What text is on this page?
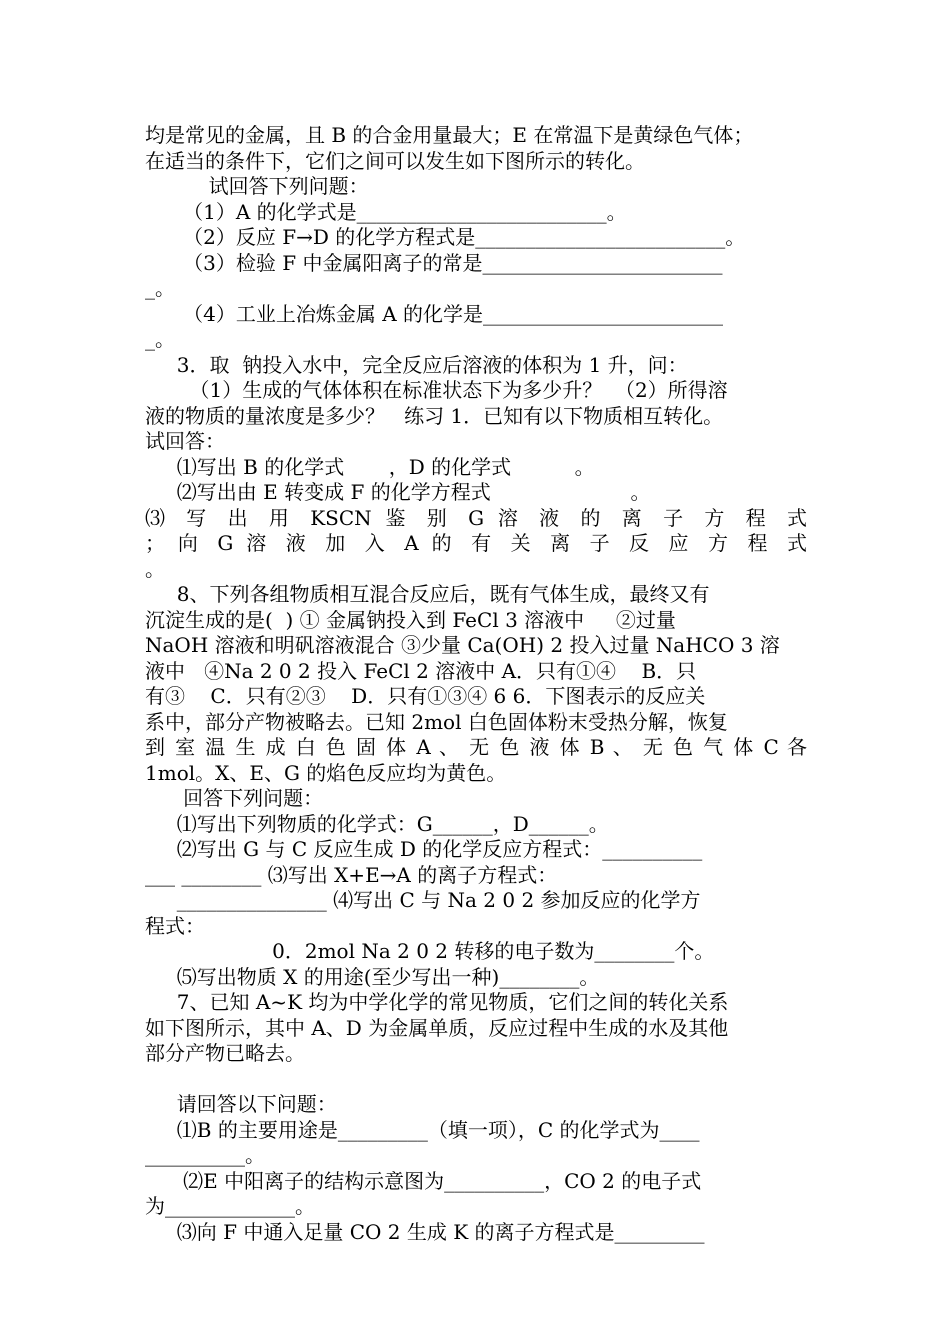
均是常见的金属，且 B 的合金用量最大；E 在常温下是黄绿色气体；

在适当的条件下，它们之间可以发生如下图所示的转化。

试回答下列问题：

（1）A 的化学式是_________________________。

（2）反应 F→D 的化学方程式是_________________________。

（3）检验 F 中金属阳离子的常是________________________

_。

（4）工业上冶炼金属 A 的化学是________________________

_。

3．取  钠投入水中，完全反应后溶液的体积为 1 升，问：

（1）生成的气体体积在标准状态下为多少升？  （2）所得溶

液的物质的量浓度是多少？   练习 1．已知有以下物质相互转化。

试回答：

⑴写出 B 的化学式       ，D 的化学式          。

⑵写出由 E 转变成 F 的化学方程式                      。

⑶ 写 出 用 KSCN 鉴 别 G 溶 液 的 离 子 方 程 式

； 向 G 溶 液 加 入 A 的 有 关 离 子 反 应 方 程 式

。

8、下列各组物质相互混合反应后，既有气体生成，最终又有

沉淀生成的是(  ) ① 金属钠投入到 FeCl 3 溶液中     ②过量

NaOH 溶液和明矾溶液混合 ③少量 Ca(OH) 2 投入过量 NaHCO 3 溶

液中   ④Na 2 0 2 投入 FeCl 2 溶液中 A．只有①④    B．只

有③    C．只有②③    D．只有①③④ 6 6．下图表示的反应关

系中，部分产物被略去。已知 2mol 白色固体粉末受热分解，恢复

到 室 温 生 成 白 色 固 体 A 、 无 色 液 体 B 、 无 色 气 体 C 各

1mol。X、E、G 的焰色反应均为黄色。

回答下列问题：

⑴写出下列物质的化学式：G______，D______。

⑵写出 G 与 C 反应生成 D 的化学反应方程式：__________

___ ________ ⑶写出 X+E→A 的离子方程式：

_______________ ⑷写出 C 与 Na 2 0 2 参加反应的化学方

程式：

0．2mol Na 2 0 2 转移的电子数为________个。

⑸写出物质 X 的用途(至少写出一种)________。

7、已知 A~K 均为中学化学的常见物质，它们之间的转化关系

如下图所示，其中 A、D 为金属单质，反应过程中生成的水及其他

部分产物已略去。

请回答以下问题：

⑴B 的主要用途是_________（填一项），C 的化学式为____

__________。

⑵E 中阳离子的结构示意图为__________，CO 2 的电子式

为_____________。

⑶向 F 中通入足量 CO 2 生成 K 的离子方程式是_________
